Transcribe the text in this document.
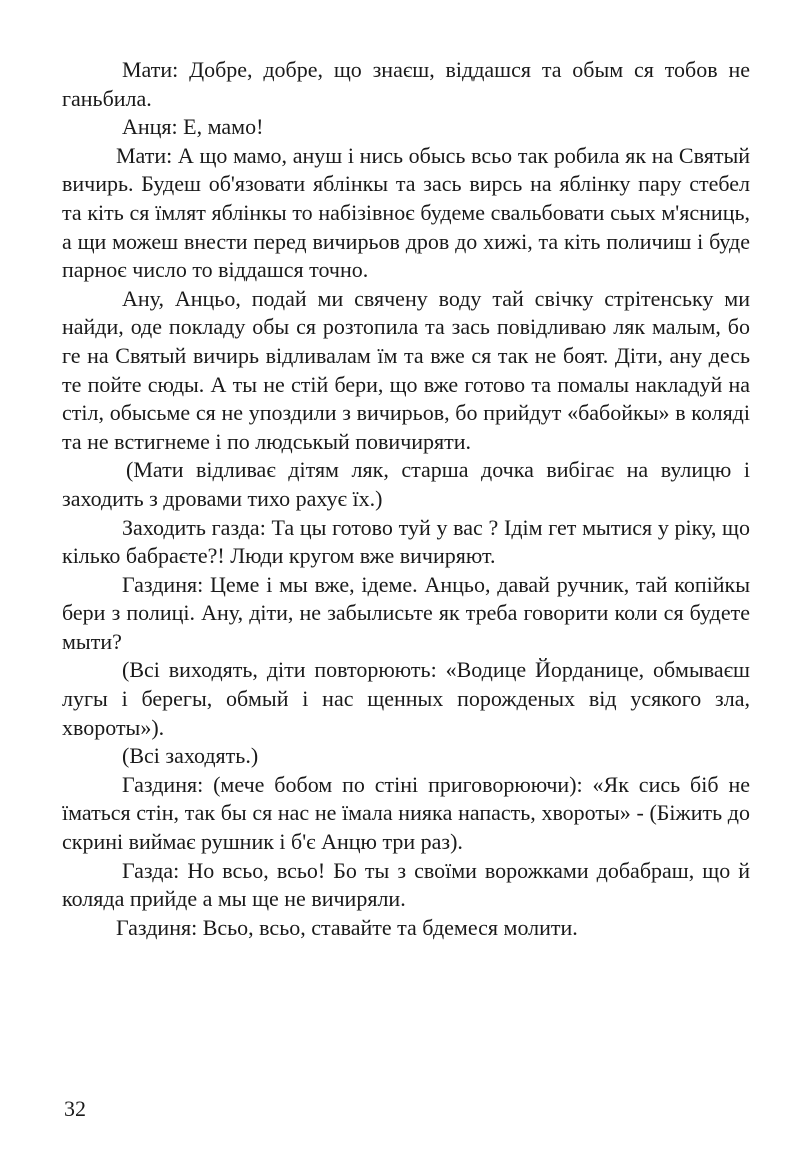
Мати: Добре, добре, що знаєш, віддашся та обым ся тобов не ганьбила.

Анця: Е, мамо!

Мати: А що мамо, ануш і нись обысь всьо так робила як на Святый вичирь. Будеш об'язовати яблінкы та зась вирсь на яблінку пару стебел та кіть ся їмлят яблінкы то набізівноє будеме свальбовати сьых м'ясниць, а щи можеш внести перед вичирьов дров до хижі, та кіть поличиш і буде парноє число то віддашся точно.

Ану, Анцьо, подай ми свячену воду тай свічку стрітенську ми найди, оде покладу обы ся розтопила та зась повідливаю ляк малым, бо ге на Святый вичирь відливалам їм та вже ся так не боят. Діти, ану десь те пойте сюды. А ты не стій бери, що вже готово та помалы накладуй на стіл, обысьме ся не упоздили з вичирьов, бо прийдут «бабойкы» в коляді та не встигнеме і по людськый повичиряти.

(Мати відливає дітям ляк, старша дочка вибігає на вулицю і заходить з дровами тихо рахує їх.)

Заходить газда: Та цы готово туй у вас ? Ідім гет мытися у ріку, що кілько бабраєте?! Люди кругом вже вичиряют.

Газдиня: Цеме і мы вже, ідеме. Анцьо, давай ручник, тай копійкы бери з полиці. Ану, діти, не забылисьте як треба говорити коли ся будете мыти?

(Всі виходять, діти повторюють: «Водице Йорданице, обмываєш лугы і берегы, обмый і нас щенных порожденых від усякого зла, хвороты»).

(Всі заходять.)

Газдиня: (мече бобом по стіні приговорюючи): «Як сись біб не їматься стін, так бы ся нас не їмала ниякa напасть, хвороты» - (Біжить до скрині виймає рушник і б'є Анцю три раз).

Газда: Но всьо, всьо! Бо ты з своїми ворожками добабраш, що й коляда прийде а мы ще не вичиряли.

Газдиня: Всьо, всьо, ставайте та бдемеся молити.

32
